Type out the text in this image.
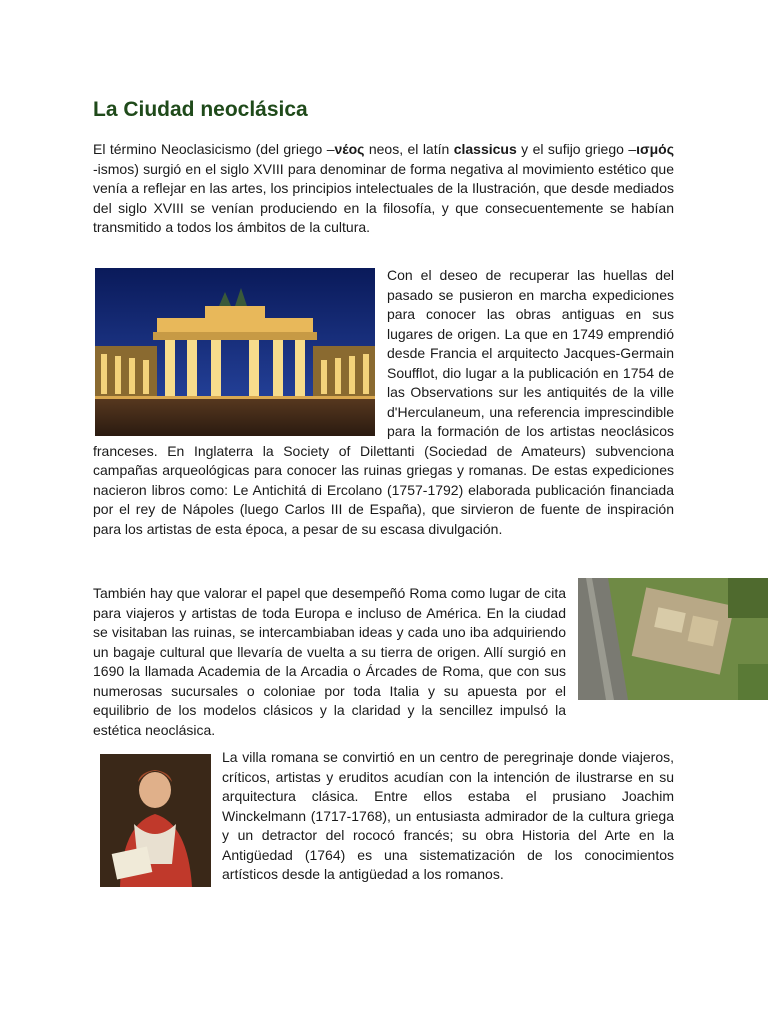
La Ciudad neoclásica

El término Neoclasicismo (del griego –νέος neos, el latín classicus y el sufijo griego –ισμός -ismos) surgió en el siglo XVIII para denominar de forma negativa al movimiento estético que venía a reflejar en las artes, los principios intelectuales de la Ilustración, que desde mediados del siglo XVIII se venían produciendo en la filosofía, y que consecuentemente se habían transmitido a todos los ámbitos de la cultura.

Con el deseo de recuperar las huellas del pasado se pusieron en marcha expediciones para conocer las obras antiguas en sus lugares de origen. La que en 1749 emprendió desde Francia el arquitecto Jacques-Germain Soufflot, dio lugar a la publicación en 1754 de las Observations sur les antiquités de la ville d'Herculaneum, una referencia imprescindible para la formación de los artistas neoclásicos franceses. En Inglaterra la Society of Dilettanti (Sociedad de Amateurs) subvenciona campañas arqueológicas para conocer las ruinas griegas y romanas. De estas expediciones nacieron libros como: Le Antichitá di Ercolano (1757-1792) elaborada publicación financiada por el rey de Nápoles (luego Carlos III de España), que sirvieron de fuente de inspiración para los artistas de esta época, a pesar de su escasa divulgación.

También hay que valorar el papel que desempeñó Roma como lugar de cita para viajeros y artistas de toda Europa e incluso de América. En la ciudad se visitaban las ruinas, se intercambiaban ideas y cada uno iba adquiriendo un bagaje cultural que llevaría de vuelta a su tierra de origen. Allí surgió en 1690 la llamada Academia de la Arcadia o Árcades de Roma, que con sus numerosas sucursales o coloniae por toda Italia y su apuesta por el equilibrio de los modelos clásicos y la claridad y la sencillez impulsó la estética neoclásica.

La villa romana se convirtió en un centro de peregrinaje donde viajeros, críticos, artistas y eruditos acudían con la intención de ilustrarse en su arquitectura clásica. Entre ellos estaba el prusiano Joachim Winckelmann (1717-1768), un entusiasta admirador de la cultura griega y un detractor del rococó francés; su obra Historia del Arte en la Antigüedad (1764) es una sistematización de los conocimientos artísticos desde la antigüedad a los romanos.
